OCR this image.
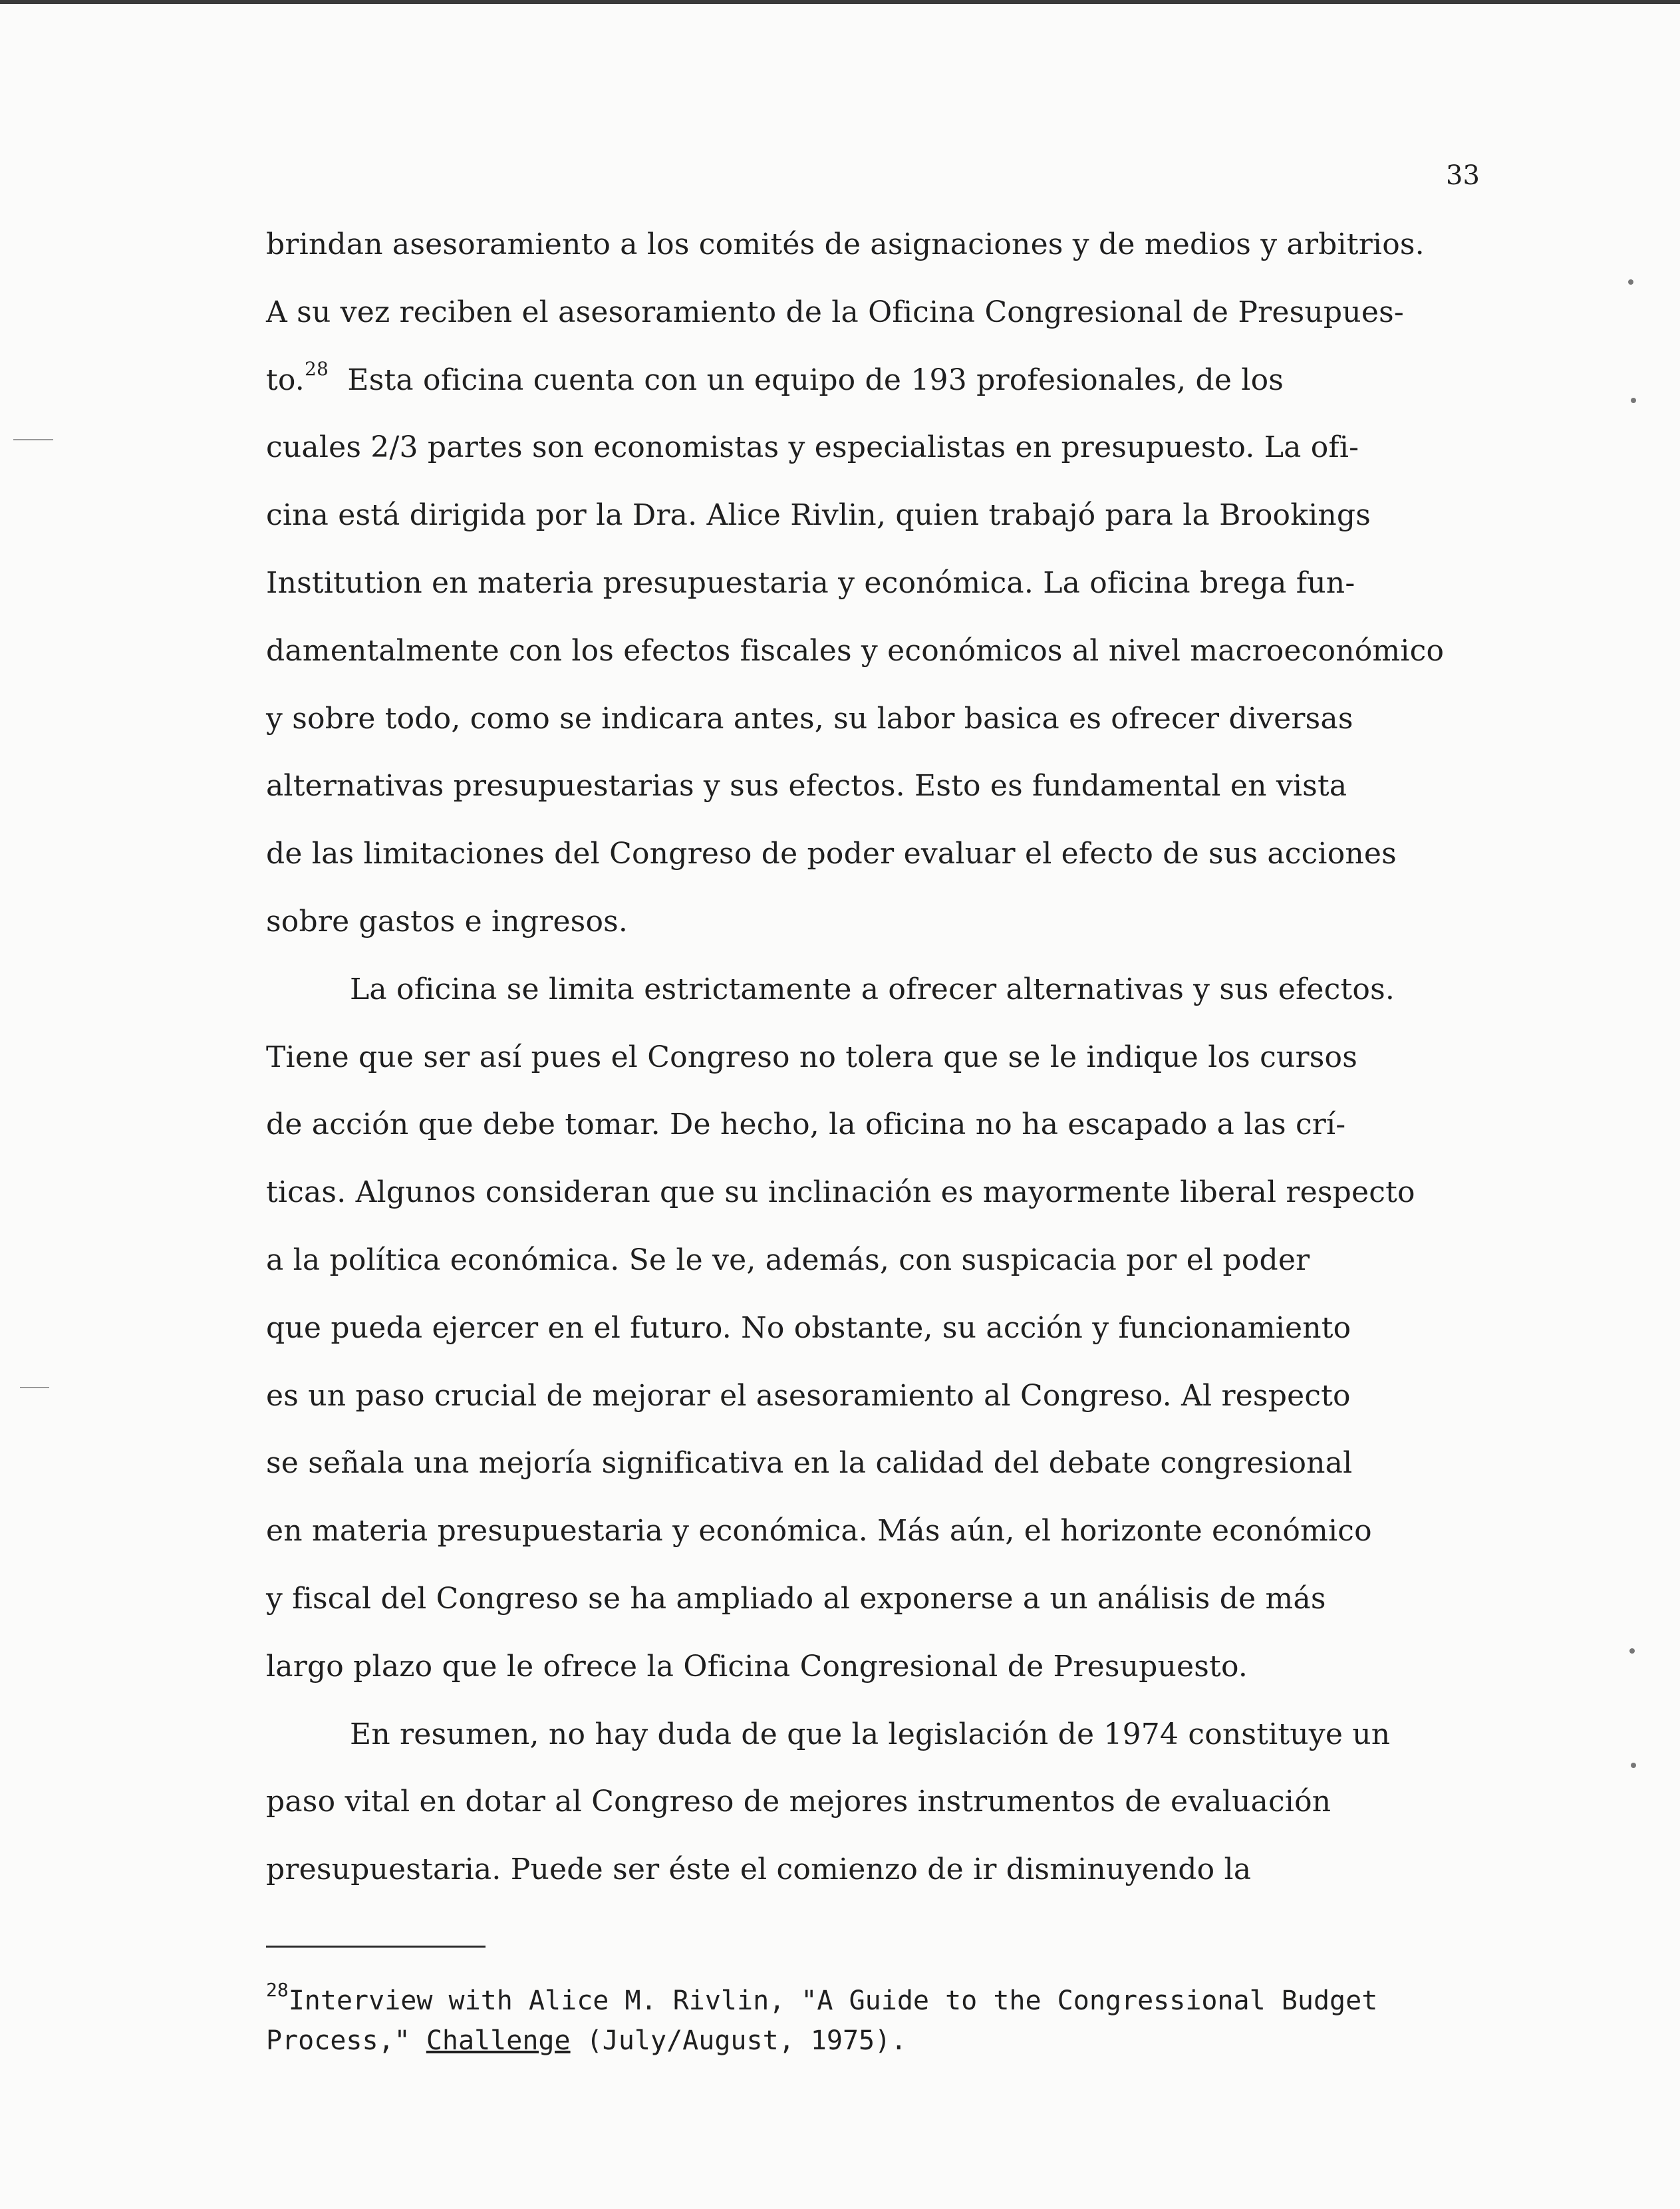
33
brindan asesoramiento a los comités de asignaciones y de medios y arbitrios.
A su vez reciben el asesoramiento de la Oficina Congresional de Presupues-
to.$^{28}$ Esta oficina cuenta con un equipo de 193 profesionales, de los
cuales 2/3 partes son economistas y especialistas en presupuesto. La ofi-
cina está dirigida por la Dra. Alice Rivlin, quien trabajó para la Brookings
Institution en materia presupuestaria y económica. La oficina brega fun-
damentalmente con los efectos fiscales y económicos al nivel macroeconómico
y sobre todo, como se indicara antes, su labor basica es ofrecer diversas
alternativas presupuestarias y sus efectos. Esto es fundamental en vista
de las limitaciones del Congreso de poder evaluar el efecto de sus acciones
sobre gastos e ingresos.
La oficina se limita estrictamente a ofrecer alternativas y sus efectos.
Tiene que ser así pues el Congreso no tolera que se le indique los cursos
de acción que debe tomar. De hecho, la oficina no ha escapado a las crí-
ticas. Algunos consideran que su inclinación es mayormente liberal respecto
a la política económica. Se le ve, además, con suspicacia por el poder
que pueda ejercer en el futuro. No obstante, su acción y funcionamiento
es un paso crucial de mejorar el asesoramiento al Congreso. Al respecto
se señala una mejoría significativa en la calidad del debate congresional
en materia presupuestaria y económica. Más aún, el horizonte económico
y fiscal del Congreso se ha ampliado al exponerse a un análisis de más
largo plazo que le ofrece la Oficina Congresional de Presupuesto.
En resumen, no hay duda de que la legislación de 1974 constituye un
paso vital en dotar al Congreso de mejores instrumentos de evaluación
presupuestaria. Puede ser éste el comienzo de ir disminuyendo la
$^{28}$Interview with Alice M. Rivlin, "A Guide to the Congressional Budget
Process," Challenge (July/August, 1975).
